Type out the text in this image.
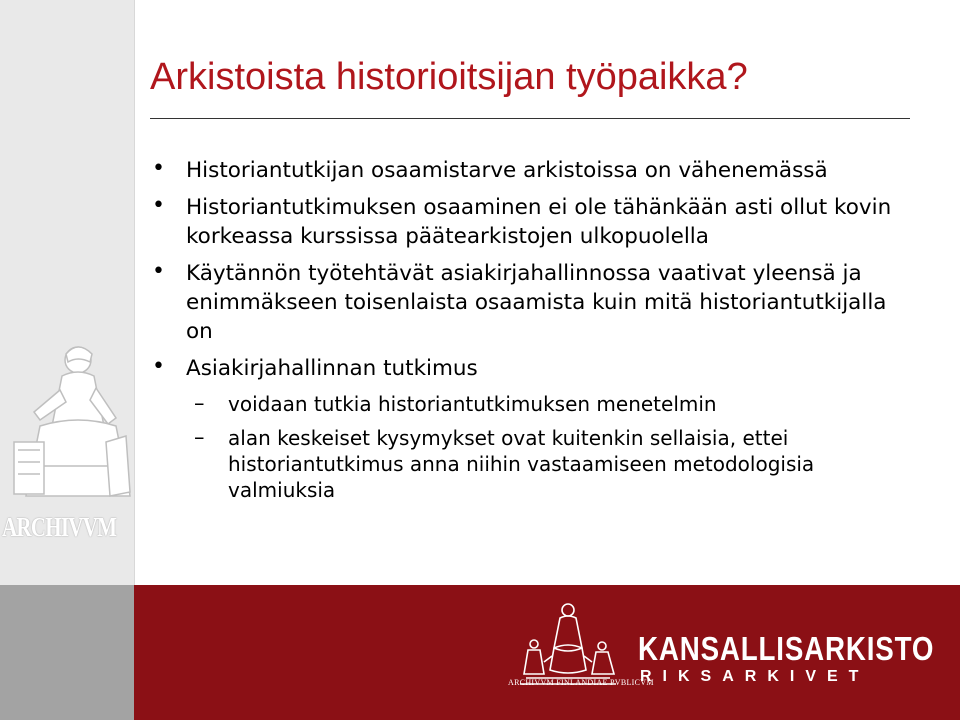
ARCHIVVM
Arkistoista historioitsijan työpaikka?
• Historiantutkijan osaamistarve arkistoissa on vähenemässä
• Historiantutkimuksen osaaminen ei ole tähänkään asti ollut kovin korkeassa kurssissa päätearkistojen ulkopuolella
• Käytännön työtehtävät asiakirjahallinnossa vaativat yleensä ja enimmäkseen toisenlaista osaamista kuin mitä historiantutkijalla on
• Asiakirjahallinnan tutkimus
– voidaan tutkia historiantutkimuksen menetelmin
– alan keskeiset kysymykset ovat kuitenkin sellaisia, ettei historiantutkimus anna niihin vastaamiseen metodologisia valmiuksia
ARCHIVVM FINLANDIAE PVBLICVM
KANSALLISARKISTO
RIKSARKIVET
